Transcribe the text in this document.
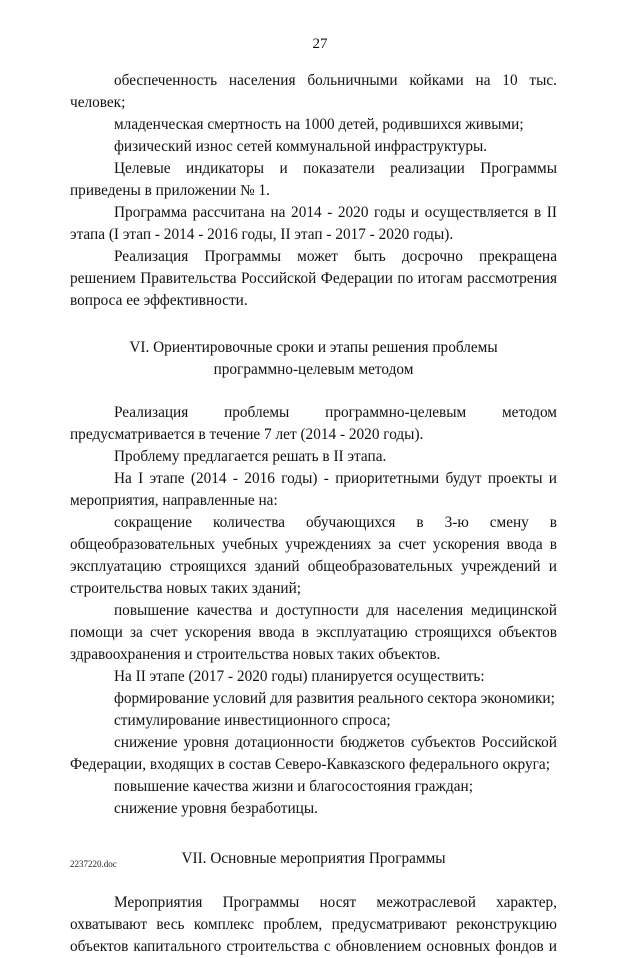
27

обеспеченность населения больничными койками на 10 тыс. человек;

младенческая смертность на 1000 детей, родившихся живыми;

физический износ сетей коммунальной инфраструктуры.

Целевые индикаторы и показатели реализации Программы приведены в приложении № 1.

Программа рассчитана на 2014 - 2020 годы и осуществляется в II этапа (I этап - 2014 - 2016 годы, II этап - 2017 - 2020 годы).

Реализация Программы может быть досрочно прекращена решением Правительства Российской Федерации по итогам рассмотрения вопроса ее эффективности.

VI. Ориентировочные сроки и этапы решения проблемы
программно-целевым методом

Реализация проблемы программно-целевым методом предусматривается в течение 7 лет (2014 - 2020 годы).

Проблему предлагается решать в II этапа.

На I этапе (2014 - 2016 годы) - приоритетными будут проекты и мероприятия, направленные на:

сокращение количества обучающихся в 3-ю смену в общеобразовательных учебных учреждениях за счет ускорения ввода в эксплуатацию строящихся зданий общеобразовательных учреждений и строительства новых таких зданий;

повышение качества и доступности для населения медицинской помощи за счет ускорения ввода в эксплуатацию строящихся объектов здравоохранения и строительства новых таких объектов.

На II этапе (2017 - 2020 годы) планируется осуществить:

формирование условий для развития реального сектора экономики;

стимулирование инвестиционного спроса;

снижение уровня дотационности бюджетов субъектов Российской Федерации, входящих в состав Северо-Кавказского федерального округа;

повышение качества жизни и благосостояния граждан;

снижение уровня безработицы.

VII. Основные мероприятия Программы

Мероприятия Программы носят межотраслевой характер, охватывают весь комплекс проблем, предусматривают реконструкцию объектов капитального строительства с обновлением основных фондов и

2237220.doc
